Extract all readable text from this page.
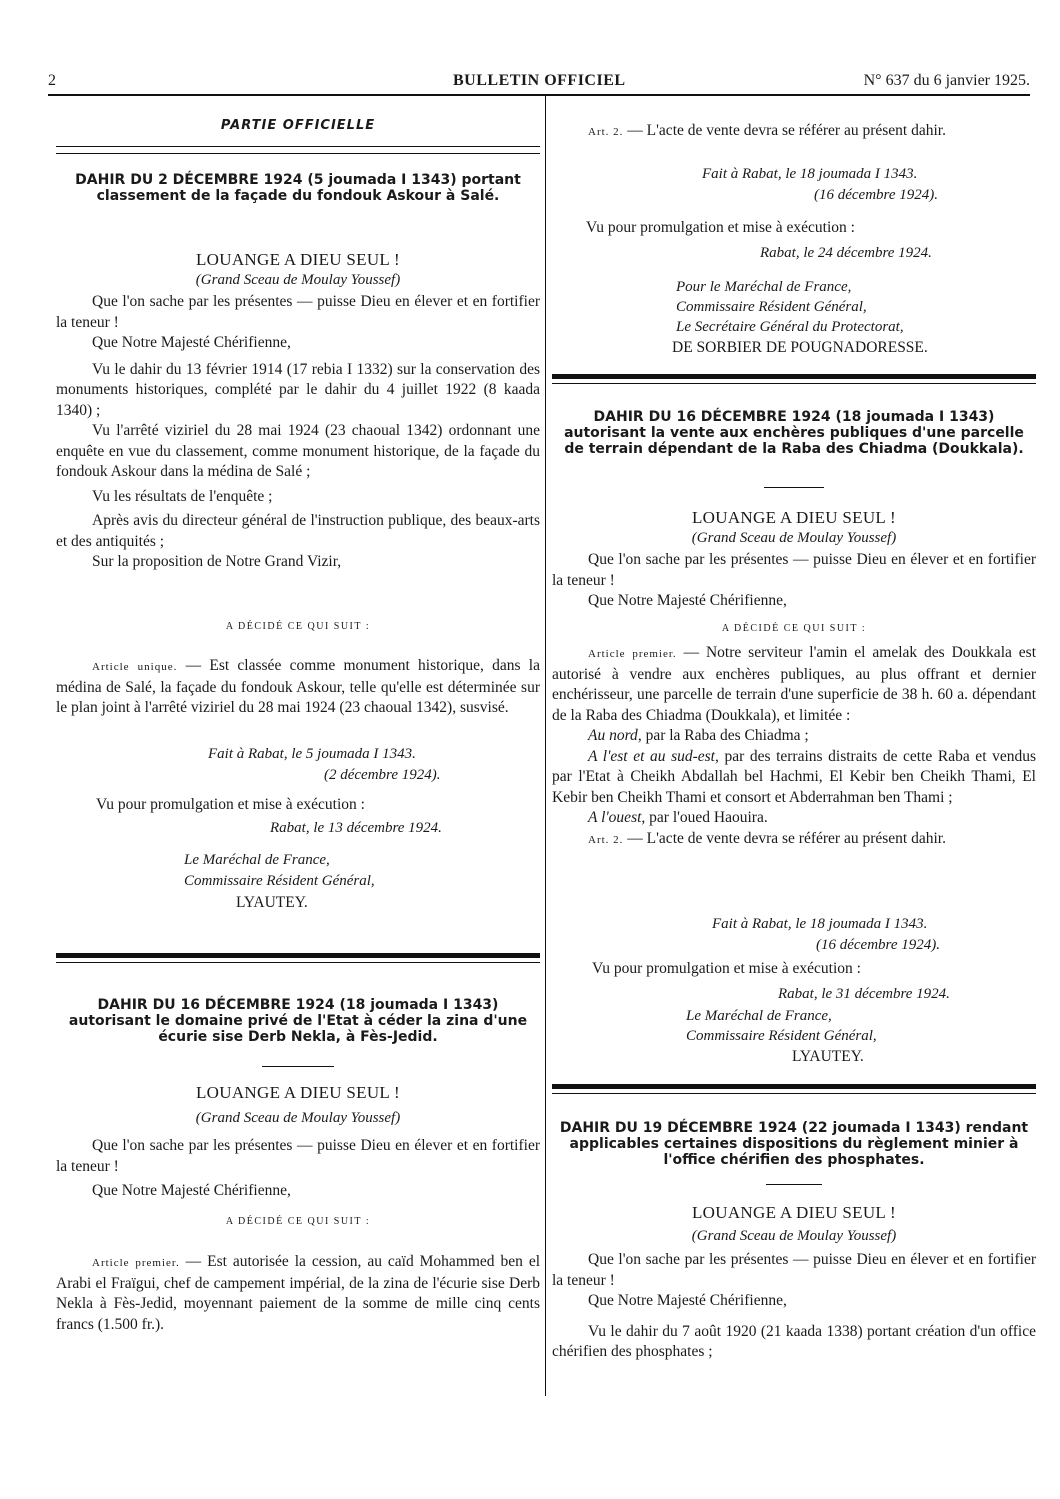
2	BULLETIN OFFICIEL	N° 637 du 6 janvier 1925.
PARTIE OFFICIELLE

DAHIR DU 2 DÉCEMBRE 1924 (5 joumada I 1343) portant classement de la façade du fondouk Askour à Salé.

LOUANGE A DIEU SEUL !
(Grand Sceau de Moulay Youssef)

Que l'on sache par les présentes — puisse Dieu en élever et en fortifier la teneur !

Que Notre Majesté Chérifienne,

Vu le dahir du 13 février 1914 (17 rebia I 1332) sur la conservation des monuments historiques, complété par le dahir du 4 juillet 1922 (8 kaada 1340) ;

Vu l'arrêté viziriel du 28 mai 1924 (23 chaoual 1342) ordonnant une enquête en vue du classement, comme monument historique, de la façade du fondouk Askour dans la médina de Salé ;

Vu les résultats de l'enquête ;

Après avis du directeur général de l'instruction publique, des beaux-arts et des antiquités ;

Sur la proposition de Notre Grand Vizir,

A DÉCIDÉ CE QUI SUIT :

Article unique. — Est classée comme monument historique, dans la médina de Salé, la façade du fondouk Askour, telle qu'elle est déterminée sur le plan joint à l'arrêté viziriel du 28 mai 1924 (23 chaoual 1342), susvisé.

Fait à Rabat, le 5 joumada I 1343.
(2 décembre 1924).
Vu pour promulgation et mise à exécution :
Rabat, le 13 décembre 1924.
Le Maréchal de France,
Commissaire Résident Général,
LYAUTEY.

DAHIR DU 16 DÉCEMBRE 1924 (18 joumada I 1343) autorisant le domaine privé de l'Etat à céder la zina d'une écurie sise Derb Nekla, à Fès-Jedid.

LOUANGE A DIEU SEUL !
(Grand Sceau de Moulay Youssef)

Que l'on sache par les présentes — puisse Dieu en élever et en fortifier la teneur !

Que Notre Majesté Chérifienne,

A DÉCIDÉ CE QUI SUIT :

Article premier. — Est autorisée la cession, au caïd Mohammed ben el Arabi el Fraïgui, chef de campement impérial, de la zina de l'écurie sise Derb Nekla à Fès-Jedid, moyennant paiement de la somme de mille cinq cents francs (1.500 fr.).

Art. 2. — L'acte de vente devra se référer au présent dahir.

Fait à Rabat, le 18 joumada I 1343.
(16 décembre 1924).
Vu pour promulgation et mise à exécution :
Rabat, le 24 décembre 1924.
Pour le Maréchal de France,
Commissaire Résident Général,
Le Secrétaire Général du Protectorat,
DE SORBIER DE POUGNADORESSE.

DAHIR DU 16 DÉCEMBRE 1924 (18 joumada I 1343) autorisant la vente aux enchères publiques d'une parcelle de terrain dépendant de la Raba des Chiadma (Doukkala).

LOUANGE A DIEU SEUL !
(Grand Sceau de Moulay Youssef)

Que l'on sache par les présentes — puisse Dieu en élever et en fortifier la teneur !

Que Notre Majesté Chérifienne,

A DÉCIDÉ CE QUI SUIT :

Article premier. — Notre serviteur l'amin el amelak des Doukkala est autorisé à vendre aux enchères publiques, au plus offrant et dernier enchérisseur, une parcelle de terrain d'une superficie de 38 h. 60 a. dépendant de la Raba des Chiadma (Doukkala), et limitée :

Au nord, par la Raba des Chiadma ;

A l'est et au sud-est, par des terrains distraits de cette Raba et vendus par l'Etat à Cheikh Abdallah bel Hachmi, El Kebir ben Cheikh Thami, El Kebir ben Cheikh Thami et consort et Abderrahman ben Thami ;

A l'ouest, par l'oued Haouira.

Art. 2. — L'acte de vente devra se référer au présent dahir.

Fait à Rabat, le 18 joumada I 1343.
(16 décembre 1924).
Vu pour promulgation et mise à exécution :
Rabat, le 31 décembre 1924.
Le Maréchal de France,
Commissaire Résident Général,
LYAUTEY.

DAHIR DU 19 DÉCEMBRE 1924 (22 joumada I 1343) rendant applicables certaines dispositions du règlement minier à l'office chérifien des phosphates.

LOUANGE A DIEU SEUL !
(Grand Sceau de Moulay Youssef)

Que l'on sache par les présentes — puisse Dieu en élever et en fortifier la teneur !

Que Notre Majesté Chérifienne,

Vu le dahir du 7 août 1920 (21 kaada 1338) portant création d'un office chérifien des phosphates ;
